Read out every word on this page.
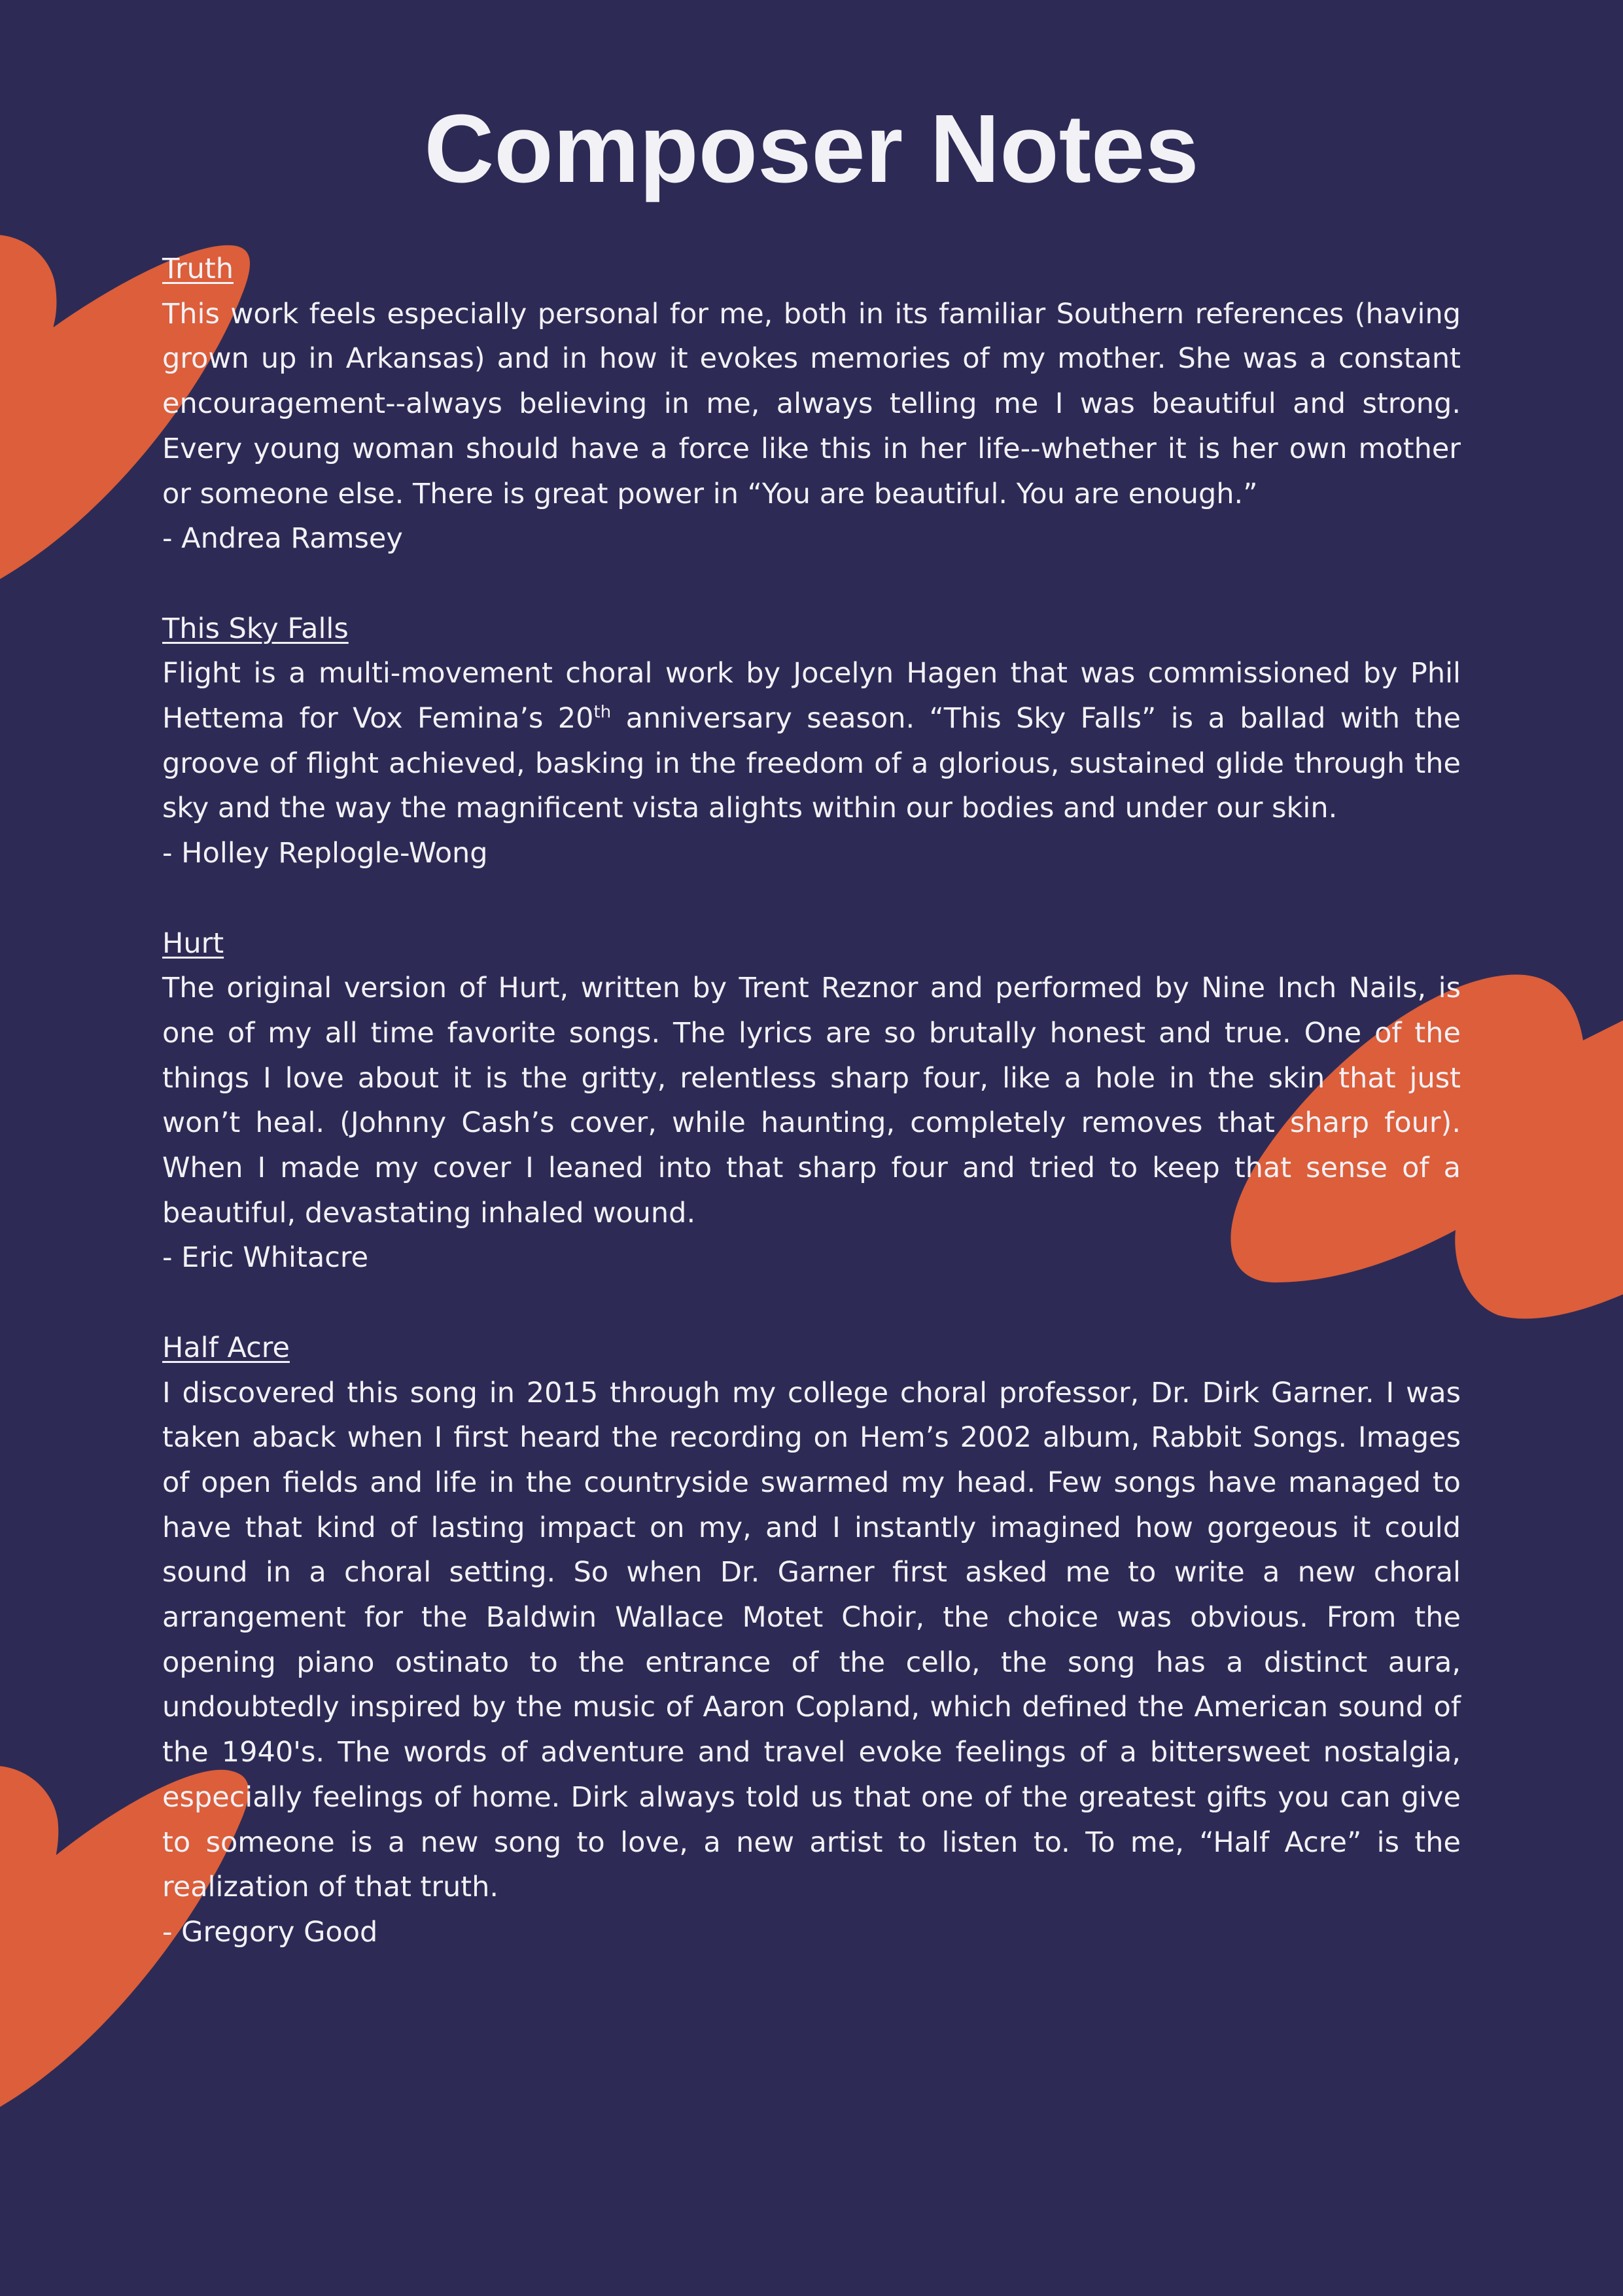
Composer Notes
Truth
This work feels especially personal for me, both in its familiar Southern references (having grown up in Arkansas) and in how it evokes memories of my mother. She was a constant encouragement--always believing in me, always telling me I was beautiful and strong. Every young woman should have a force like this in her life--whether it is her own mother or someone else. There is great power in “You are beautiful. You are enough.”
- Andrea Ramsey
This Sky Falls
Flight is a multi-movement choral work by Jocelyn Hagen that was commissioned by Phil Hettema for Vox Femina’s 20th anniversary season. “This Sky Falls” is a ballad with the groove of flight achieved, basking in the freedom of a glorious, sustained glide through the sky and the way the magnificent vista alights within our bodies and under our skin.
- Holley Replogle-Wong
Hurt
The original version of Hurt, written by Trent Reznor and performed by Nine Inch Nails, is one of my all time favorite songs. The lyrics are so brutally honest and true. One of the things I love about it is the gritty, relentless sharp four, like a hole in the skin that just won’t heal. (Johnny Cash’s cover, while haunting, completely removes that sharp four). When I made my cover I leaned into that sharp four and tried to keep that sense of a beautiful, devastating inhaled wound.
- Eric Whitacre
Half Acre
I discovered this song in 2015 through my college choral professor, Dr. Dirk Garner. I was taken aback when I first heard the recording on Hem’s 2002 album, Rabbit Songs. Images of open fields and life in the countryside swarmed my head. Few songs have managed to have that kind of lasting impact on my, and I instantly imagined how gorgeous it could sound in a choral setting. So when Dr. Garner first asked me to write a new choral arrangement for the Baldwin Wallace Motet Choir, the choice was obvious. From the opening piano ostinato to the entrance of the cello, the song has a distinct aura, undoubtedly inspired by the music of Aaron Copland, which defined the American sound of the 1940's. The words of adventure and travel evoke feelings of a bittersweet nostalgia, especially feelings of home. Dirk always told us that one of the greatest gifts you can give to someone is a new song to love, a new artist to listen to. To me, “Half Acre” is the realization of that truth.
- Gregory Good
